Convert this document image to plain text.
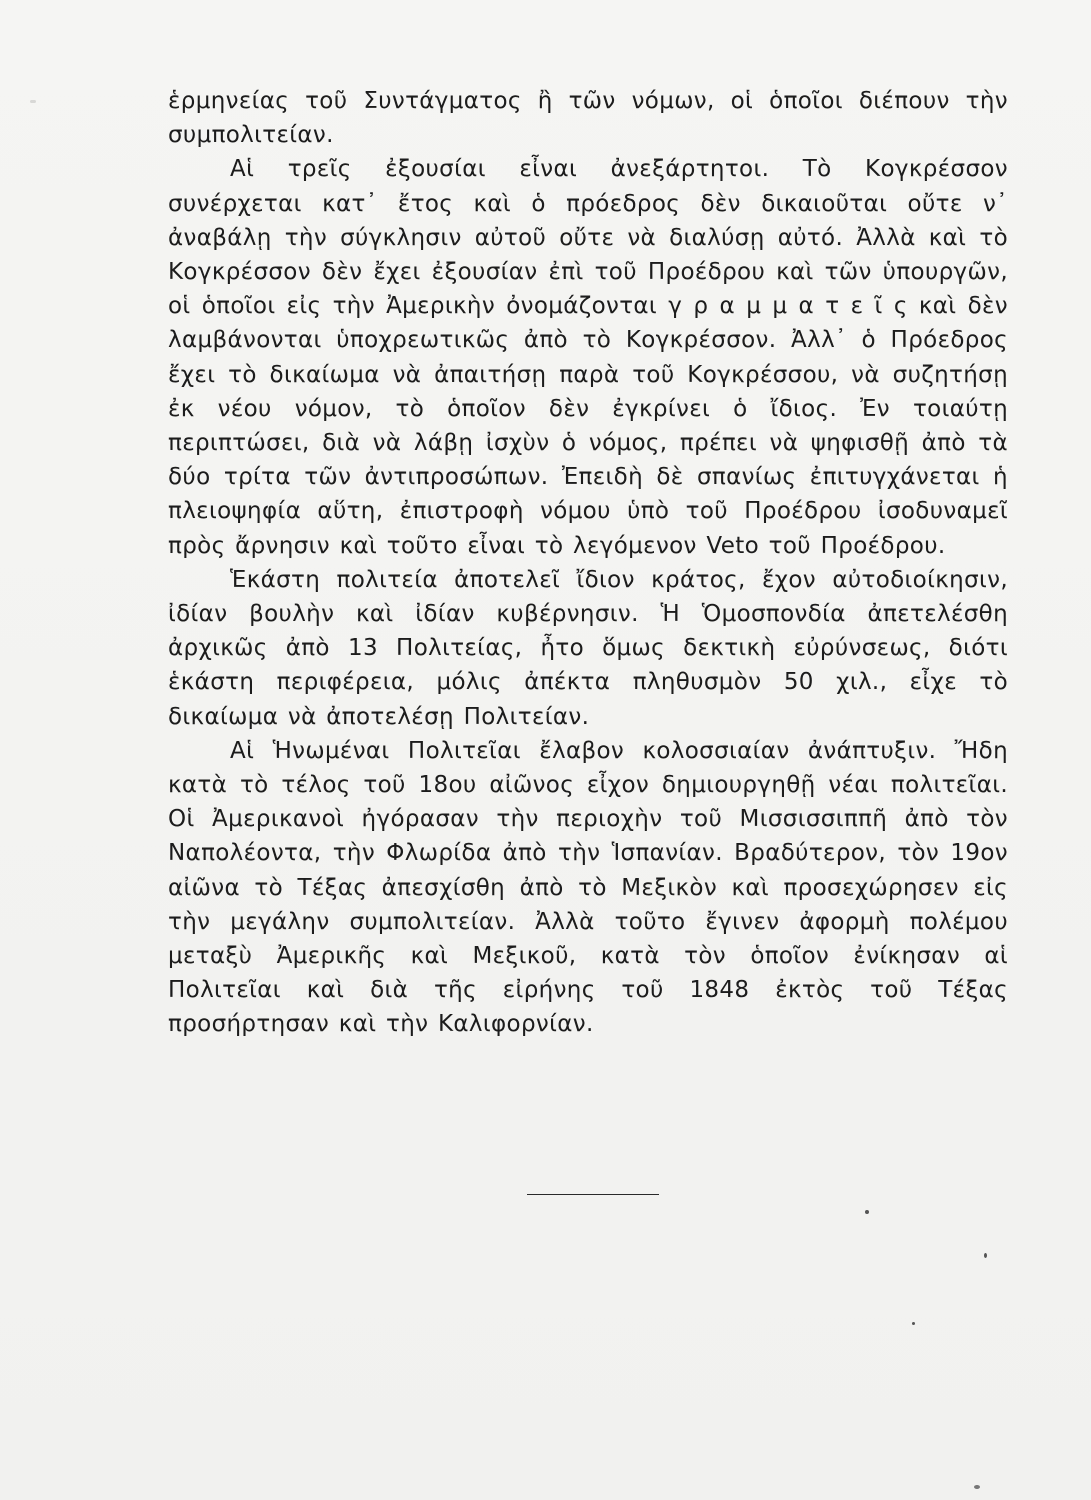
ἑρμηνείας τοῦ Συντάγματος ἢ τῶν νόμων, οἱ ὁποῖοι διέπουν τὴν συμπολιτείαν.

Αἱ τρεῖς ἐξουσίαι εἶναι ἀνεξάρτητοι. Τὸ Κογκρέσσον συνέρχεται κατ᾽ ἔτος καὶ ὁ πρόεδρος δὲν δικαιοῦται οὔτε ν᾽ ἀναβάλῃ τὴν σύγκλησιν αὐτοῦ οὔτε νὰ διαλύσῃ αὐτό. Ἀλλὰ καὶ τὸ Κογκρέσσον δὲν ἔχει ἐξουσίαν ἐπὶ τοῦ Προέδρου καὶ τῶν ὑπουργῶν, οἱ ὁποῖοι εἰς τὴν Ἀμερικὴν ὀνομάζονται γ ρ α μ μ α τ ε ῖ ς καὶ δὲν λαμβάνονται ὑποχρεωτικῶς ἀπὸ τὸ Κογκρέσσον. Ἀλλ᾽ ὁ Πρόεδρος ἔχει τὸ δικαίωμα νὰ ἀπαιτήσῃ παρὰ τοῦ Κογκρέσσου, νὰ συζητήσῃ ἐκ νέου νόμον, τὸ ὁποῖον δὲν ἐγκρίνει ὁ ἴδιος. Ἐν τοιαύτῃ περιπτώσει, διὰ νὰ λάβῃ ἰσχὺν ὁ νόμος, πρέπει νὰ ψηφισθῇ ἀπὸ τὰ δύο τρίτα τῶν ἀντιπροσώπων. Ἐπειδὴ δὲ σπανίως ἐπιτυγχάνεται ἡ πλειοψηφία αὕτη, ἐπιστροφὴ νόμου ὑπὸ τοῦ Προέδρου ἰσοδυναμεῖ πρὸς ἄρνησιν καὶ τοῦτο εἶναι τὸ λεγόμενον Veto τοῦ Προέδρου.

Ἑκάστη πολιτεία ἀποτελεῖ ἴδιον κράτος, ἔχον αὐτοδιοίκησιν, ἰδίαν βουλὴν καὶ ἰδίαν κυβέρνησιν. Ἡ Ὁμοσπονδία ἀπετελέσθη ἀρχικῶς ἀπὸ 13 Πολιτείας, ἦτο ὅμως δεκτικὴ εὐρύνσεως, διότι ἑκάστη περιφέρεια, μόλις ἀπέκτα πληθυσμὸν 50 χιλ., εἶχε τὸ δικαίωμα νὰ ἀποτελέσῃ Πολιτείαν.

Αἱ Ἡνωμέναι Πολιτεῖαι ἔλαβον κολοσσιαίαν ἀνάπτυξιν. Ἤδη κατὰ τὸ τέλος τοῦ 18ου αἰῶνος εἶχον δημιουργηθῇ νέαι πολιτεῖαι. Οἱ Ἀμερικανοὶ ἠγόρασαν τὴν περιοχὴν τοῦ Μισσισσιππῆ ἀπὸ τὸν Ναπολέοντα, τὴν Φλωρίδα ἀπὸ τὴν Ἱσπανίαν. Βραδύτερον, τὸν 19ον αἰῶνα τὸ Τέξας ἀπεσχίσθη ἀπὸ τὸ Μεξικὸν καὶ προσεχώρησεν εἰς τὴν μεγάλην συμπολιτείαν. Ἀλλὰ τοῦτο ἔγινεν ἀφορμὴ πολέμου μεταξὺ Ἀμερικῆς καὶ Μεξικοῦ, κατὰ τὸν ὁποῖον ἐνίκησαν αἱ Πολιτεῖαι καὶ διὰ τῆς εἰρήνης τοῦ 1848 ἐκτὸς τοῦ Τέξας προσήρτησαν καὶ τὴν Καλιφορνίαν.
